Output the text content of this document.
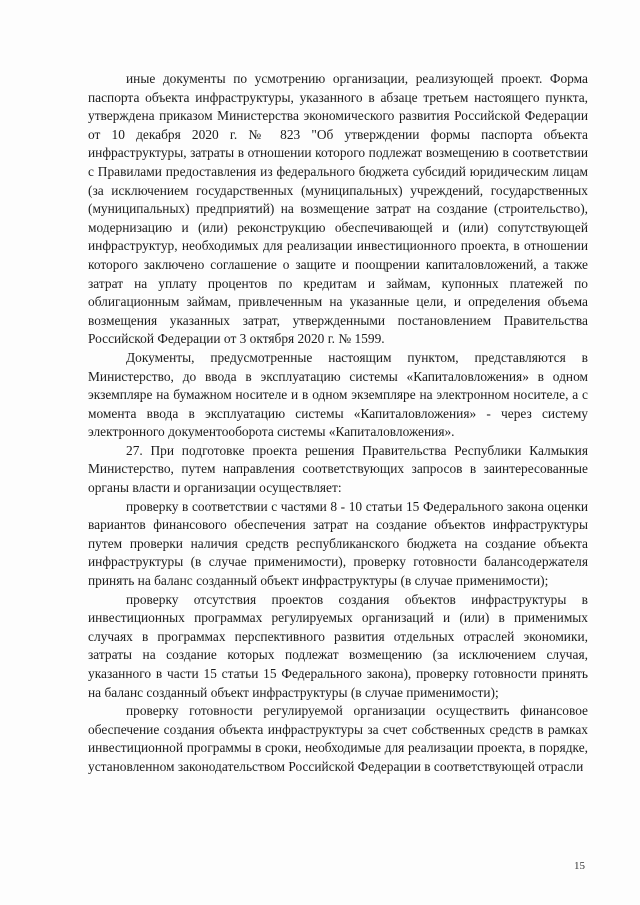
иные документы по усмотрению организации, реализующей проект. Форма паспорта объекта инфраструктуры, указанного в абзаце третьем настоящего пункта, утверждена приказом Министерства экономического развития Российской Федерации от 10 декабря 2020 г. № 823 "Об утверждении формы паспорта объекта инфраструктуры, затраты в отношении которого подлежат возмещению в соответствии с Правилами предоставления из федерального бюджета субсидий юридическим лицам (за исключением государственных (муниципальных) учреждений, государственных (муниципальных) предприятий) на возмещение затрат на создание (строительство), модернизацию и (или) реконструкцию обеспечивающей и (или) сопутствующей инфраструктур, необходимых для реализации инвестиционного проекта, в отношении которого заключено соглашение о защите и поощрении капиталовложений, а также затрат на уплату процентов по кредитам и займам, купонных платежей по облигационным займам, привлеченным на указанные цели, и определения объема возмещения указанных затрат, утвержденными постановлением Правительства Российской Федерации от 3 октября 2020 г. № 1599.

Документы, предусмотренные настоящим пунктом, представляются в Министерство, до ввода в эксплуатацию системы «Капиталовложения» в одном экземпляре на бумажном носителе и в одном экземпляре на электронном носителе, а с момента ввода в эксплуатацию системы «Капиталовложения» - через систему электронного документооборота системы «Капиталовложения».

27. При подготовке проекта решения Правительства Республики Калмыкия Министерство, путем направления соответствующих запросов в заинтересованные органы власти и организации осуществляет:

проверку в соответствии с частями 8 - 10 статьи 15 Федерального закона оценки вариантов финансового обеспечения затрат на создание объектов инфраструктуры путем проверки наличия средств республиканского бюджета на создание объекта инфраструктуры (в случае применимости), проверку готовности балансодержателя принять на баланс созданный объект инфраструктуры (в случае применимости);

проверку отсутствия проектов создания объектов инфраструктуры в инвестиционных программах регулируемых организаций и (или) в применимых случаях в программах перспективного развития отдельных отраслей экономики, затраты на создание которых подлежат возмещению (за исключением случая, указанного в части 15 статьи 15 Федерального закона), проверку готовности принять на баланс созданный объект инфраструктуры (в случае применимости);

проверку готовности регулируемой организации осуществить финансовое обеспечение создания объекта инфраструктуры за счет собственных средств в рамках инвестиционной программы в сроки, необходимые для реализации проекта, в порядке, установленном законодательством Российской Федерации в соответствующей отрасли

15
